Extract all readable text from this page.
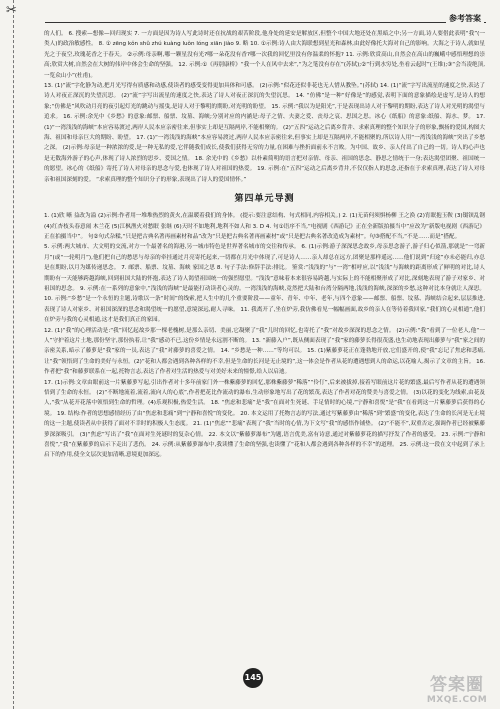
✂
参考答案

的人们。 6. 搜索—想像—回归现实 7. 一方面是因为诗人写此诗时还在抗战的艰苦阶段,他身处的延安是解放区,但整个中国大地还处在黑暗之中;另一方面,诗人要借此表明“我”(一类人)的政治敏感性。 8. ① zēng kǒn shǔ zhú kuàng luǒn lóng xiān jiào 9. 略 10. ①示例:诗人由大海联想到星光和森林,由此好像托大海对自己的影响。大海之于诗人,就如星光之于夜空,玫瑰花香之于春天。 ②示例:母亲啊,哪一颗星没有光?哪一朵花没有香?哪一次我的回忆里没有你温柔的怀抱? 11. 示例:欣赏高山,自然会在高山的巍峨中感悟理想的崇高;欣赏大树,自然会在大树的伟岸中体会生命的坚强。 12. 示例:①《再别康桥》“我一个人在风中去来”,“为之笔没有存在”(苏轼);②“行到水穷处,坐看云起时”(王维);③“会当凌绝顶,一览众山小”(杜甫)。

13. (1)“流”字化静为动,把月光写得有质感和动感,使读者的感受变得更加具体和可感。 (2)示例:“似花还似非花也无人惜从教坠。”(苏轼) 14. (1)“流”字写出流星的速度之快,表达了诗人对夜正深沉的失望沉思。 (2)“流”字写出流星的速度之快,表达了诗人对夜正深沉的失望沉思。 14. “仿佛”是一种“好像是”的感觉,表明下面的意象描绘是虚写,是诗人的想象;“仿佛是”风吹动月亮的夜引起灯光的跳动与摇曳,是诗人对于黎明的期盼,对光明的盼望。 15. 示例:“我以为是阳光”,于是表现出诗人对于黎明的期盼,表达了诗人对光明的渴望与追求。 16. 示例:余光中《乡愁》的意象:邮票、船票、坟墓、海峡;分别对应的内涵是:母子之情、夫妻之爱、丧母之哀、思国之思。冰心《纸船》的意象:纸船、海水、梦。 17. (1)“一湾浅浅的海峡”本应容易渡过,两岸人民本应亲密往来,但事实上却是互隔两岸,不能相聚的。 (2)“五四”运动之后离乡背井、求索真理的整个知识分子的形象,飘扬的爱国,构图大海、祖国和母亲巨大的期盼、盼望。 17. (1)“一湾浅浅的海峡”本应容易渡过,两岸人民本应亲密往来,但事实上却是互隔两岸,不能相聚的,所以诗人用“一湾浅浅的海峡”突出了乡愁之深。 (2)示例:母亲是一种浓浓的爱,是一种无私的爱,它伴随我们成长,使我们获得无穷的力量,在困难与挫折面前永不言败。为中国、故乡、亲人付出了自己的一切。诗人的心声也是无数海外游子的心声,体现了诗人浓烈的思乡、爱国之情。 18. 余光中的《乡愁》以朴素简明的语言把对亲情、母亲、祖国的思念、静思之情统于一身;表达渴望团聚、祖国统一的愿望。冰心的《纸船》寄托了诗人对母亲的思念与爱,也体现了诗人对祖国的热爱。 19. 示例:在“五四”运动之后离乡背井,不仅仅指人的思念,还指在于求索真理,表达了诗人对母亲和祖国深刻的爱。 “求索真理的整个知识分子的形象,表现出了诗人的爱国情怀。”

第四单元导测

1. (1)欣 晰 益改为溢 (2)示例:作者用一堆堆热烈的黄火,在温暖着我们的身体。 (提示:要注意结构、句式相同,内容相关。) 2. (1)无苗何须惧杨柳 王之涣 (2)宵眠抱玉鞍 (3)镊铗乱钢 (4)红杏枝头春意闹 木兰花 (5)江枫渔火对愁眠 张继 (6)天时不如地利,地利不如人和 3. D 4. 句①语序不当,“电视剧《西游记》正在全新版拍摄当中”应改为“新版电视剧《西游记》正在拍摄当中”。 句②句式杂糅,“只是把古典名著再画素材和品”改为“只是把古典名著再画素材”或“只是把古典名著改造成为素材”。句③搭配不当,“不是……而是”搭配。

5. 示例:两大城市、大文明的交流,对方一个最著名的海港,另一城市特色是世界著名城市的交往和传承。 6. (1)示例:游子深深思念故乡,母亲思念游子,游子归心似箭,那就是“一弯新月”(或“一轮明月”),他们把自己的愁思与母亲的牵挂通过月亮寄托起来,一切都在月光中体现了,可是诗人……亲人却总在远方,团聚是那样遥远……他们说到“归途”亦未必能归,亦总是在期盼,以月为媒传递思念。 7. 邮票、船票、坟墓、海峡 家国之思 8. 句子手法:修辞手法:排比。 鉴赏:“浅浅的”与“一湾”相呼应,以“浅浅”与海峡的距离形成了鲜明的对比,诗人期盼有一天能够跨越海峡,回到祖国大陆的怀抱,表达了诗人渴望祖国统一的强烈愿望。“浅浅”意味着本来很容易跨越,与实际上的不能相聚形成了对比,深刻地表现了游子对家乡、对祖国的思念。 9. 示例:在一系列的意象中,“浅浅的海峡”是最能打动读者心灵的。一湾浅浅的海峡,竟然把大陆和台湾分隔两地,浅浅的海峡,深深的乡愁,这种对比本身就让人深思。 10. 示例:“乡愁”是一个永恒的主题,诗歌以一条“时间”的线索,把人生中的几个重要阶段——童年、青年、中年、老年,与四个意象——邮票、船票、坟墓、海峡结合起来,层层推进,表现了诗人对家乡、对祖国深深的思念和渴望统一的愿望,意境深远,耐人寻味。 11. 我离开了,坐在炉旁,我仿佛看见一幅幅画面,故乡的亲人在等待着我回家,“我们的心灵相通”,他们在炉旁与我的心灵相通,这才是我们真正的家园。

12. (1)“我”的心理活动是:“我”回忆起故乡那一棵老槐树,是那么亲切、美丽,它凝聚了“我”儿时的回忆,也寄托了“我”对故乡深深的思念之情。 (2)示例:“我”看到了一位老人,他“一人”守护着这片土地,那份坚守,那份执着,让“我”感动不已,这份乡情是永远割不断的。 13. “新藤入户”,既从侧面表现了“我”家的藤萝长得很茂盛,也生动地表现出藤萝与“我”家之间的亲密关系,暗示了藤萝是“我”家的一员,表达了“我”对藤萝的喜爱之情。 14. “乡愁是一种……”等均可以。 15. (1)紫藤萝花正在蓬勃地开放,它们盛开的,使“我”忘记了焦虑和悲痛,让“我”领悟到了生命的美好与永恒。(2)“花和人都会遇到各种各样的不幸,但是生命的长河是无止境的”,这一体会是作者从花的遭遇想到人的命运,以花喻人,揭示了文章的主旨。 16. 作者把“我”和藤萝联系在一起,托物言志,表达了作者对生活的热爱与对美好未来的憧憬,给人以启迪。

17. (1)示例:文章由眼前这一片紫藤萝写起,引出作者对十多年前家门外一株紫藤萝的回忆,那株紫藤萝“稀落”“伶仃”,后来被拔掉,接着写眼前这片花的繁盛,最后写作者从花的遭遇领悟到了生命的永恒。 (2)“不断地流着,流着,流向人的心底”,作者把花比作流动的瀑布,生动形象地写出了花的繁茂,表达了作者对花的赞美与喜爱之情。 (3)以花的变化为线索,由花及人,“我”从花开花落中领悟到生命的哲理。(4)乐观积极,热爱生活。 18. “焦虑和悲痛”是“我”在面对生死谜、手足情时的心境,“宁静和喜悦”是“我”在看到这一片紫藤萝后获得的心境。 19. 结构:作者的思想感情经历了由“焦虑和悲痛”到“宁静和喜悦”的变化。 20. 本文运用了托物言志的写法,通过写紫藤萝由“稀落”到“繁盛”的变化,表达了生命的长河是无止境的这一主题,使读者从中获得了面对不幸时的积极人生态度。 21. (1)“焦虑”“悲痛”表现了“我”当时的心情,为下文写“我”的感悟作铺垫。 (2)“不能不”,双重否定,强调作者已经被紫藤萝深深吸引。 (3)“焦虑”写出了“我”在面对生死谜时的复杂心情。 22. 本文以“紫藤萝瀑布”为题,语言优美,富有诗意,通过对紫藤萝花的描写抒发了作者的感受。 23. 示例:“宁静和喜悦”,“我”在紫藤萝的启示下走出了悲伤。 24. 示例:从紫藤萝瀑布中,我读懂了生命的坚强,也读懂了“花和人都会遇到各种各样的不幸”的道理。 25. 示例:这一段在文中起到了承上启下的作用,使全文层次更加清晰,意境更加深远。

145	答案圈
MXQE.COM
